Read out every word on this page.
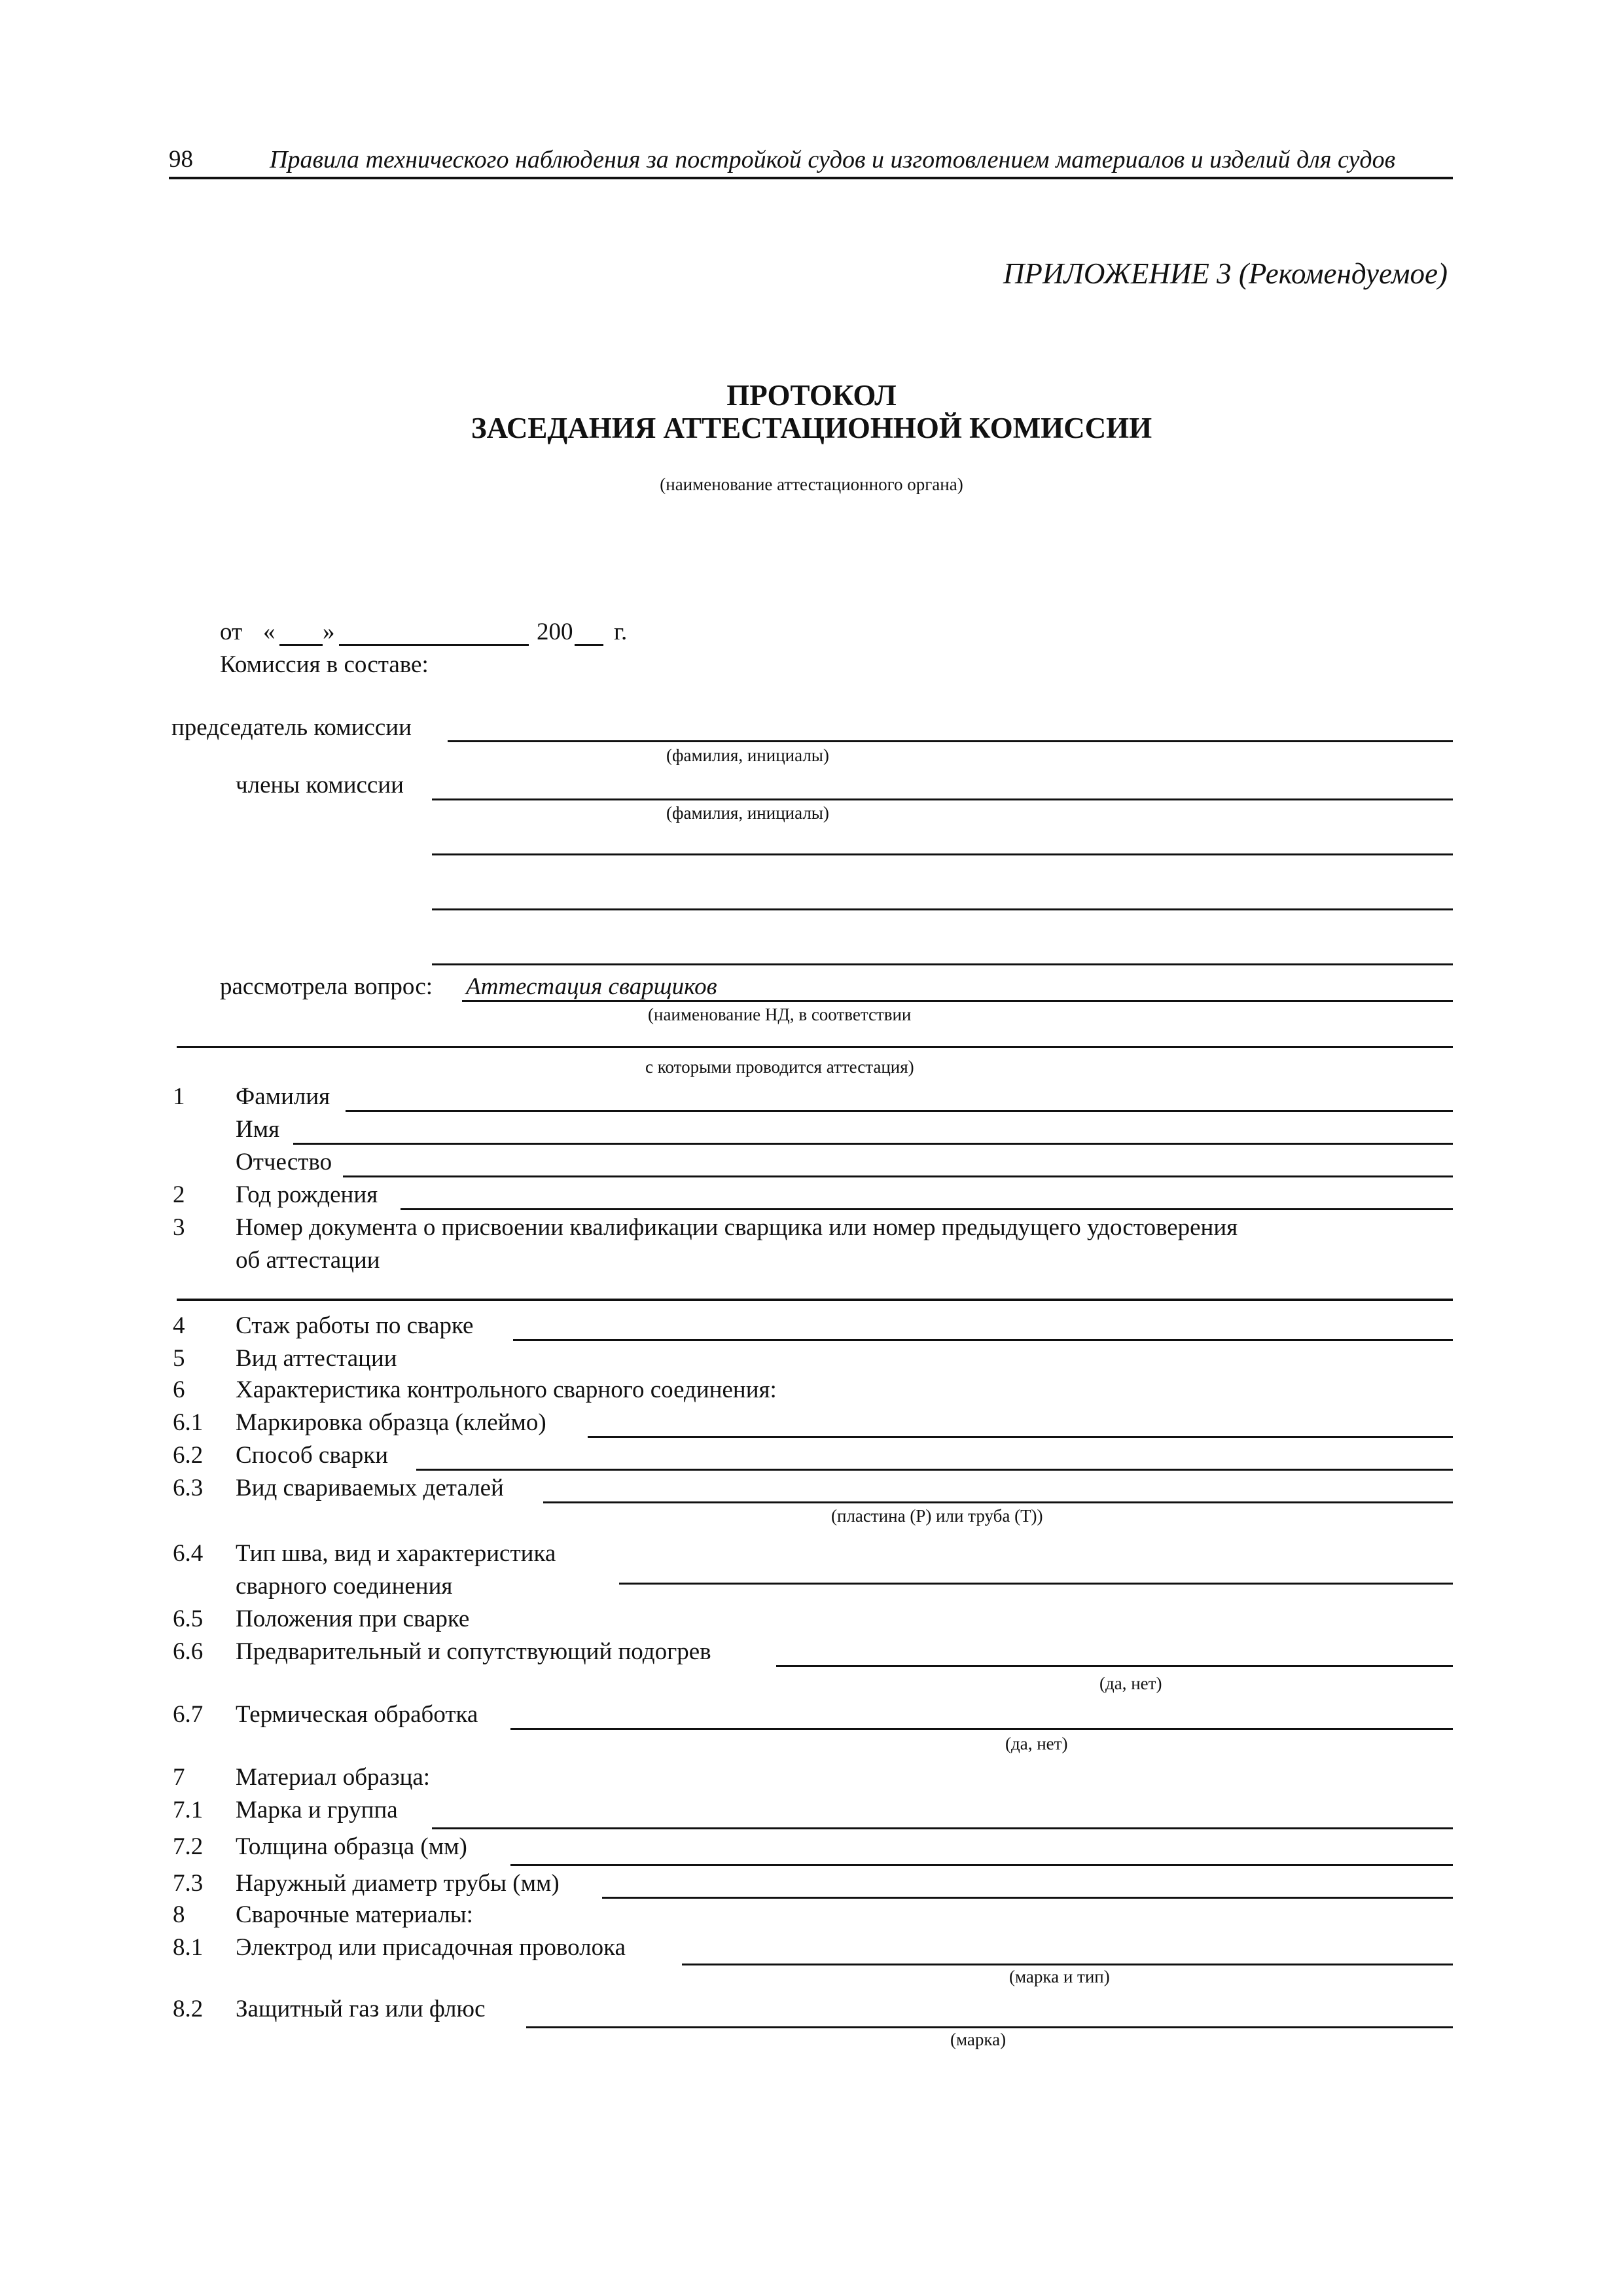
98	Правила технического наблюдения за постройкой судов и изготовлением материалов и изделий для судов
ПРИЛОЖЕНИЕ 3 (Рекомендуемое)
ПРОТОКОЛ
ЗАСЕДАНИЯ АТТЕСТАЦИОННОЙ КОМИССИИ
(наименование аттестационного органа)
от « »	200 г.
Комиссия в составе:
председатель комиссии
(фамилия, инициалы)
члены комиссии
(фамилия, инициалы)
рассмотрела вопрос: Аттестация сварщиков
(наименование НД, в соответствии
с которыми проводится аттестация)
1 Фамилия
Имя
Отчество
2 Год рождения
3 Номер документа о присвоении квалификации сварщика или номер предыдущего удостоверения
об аттестации
4 Стаж работы по сварке
5 Вид аттестации
6 Характеристика контрольного сварного соединения:
6.1 Маркировка образца (клеймо)
6.2 Способ сварки
6.3 Вид свариваемых деталей
(пластина (P) или труба (T))
6.4 Тип шва, вид и характеристика
сварного соединения
6.5 Положения при сварке
6.6 Предварительный и сопутствующий подогрев
(да, нет)
6.7 Термическая обработка
(да, нет)
7 Материал образца:
7.1 Марка и группа
7.2 Толщина образца (мм)
7.3 Наружный диаметр трубы (мм)
8 Сварочные материалы:
8.1 Электрод или присадочная проволока
(марка и тип)
8.2 Защитный газ или флюс
(марка)
